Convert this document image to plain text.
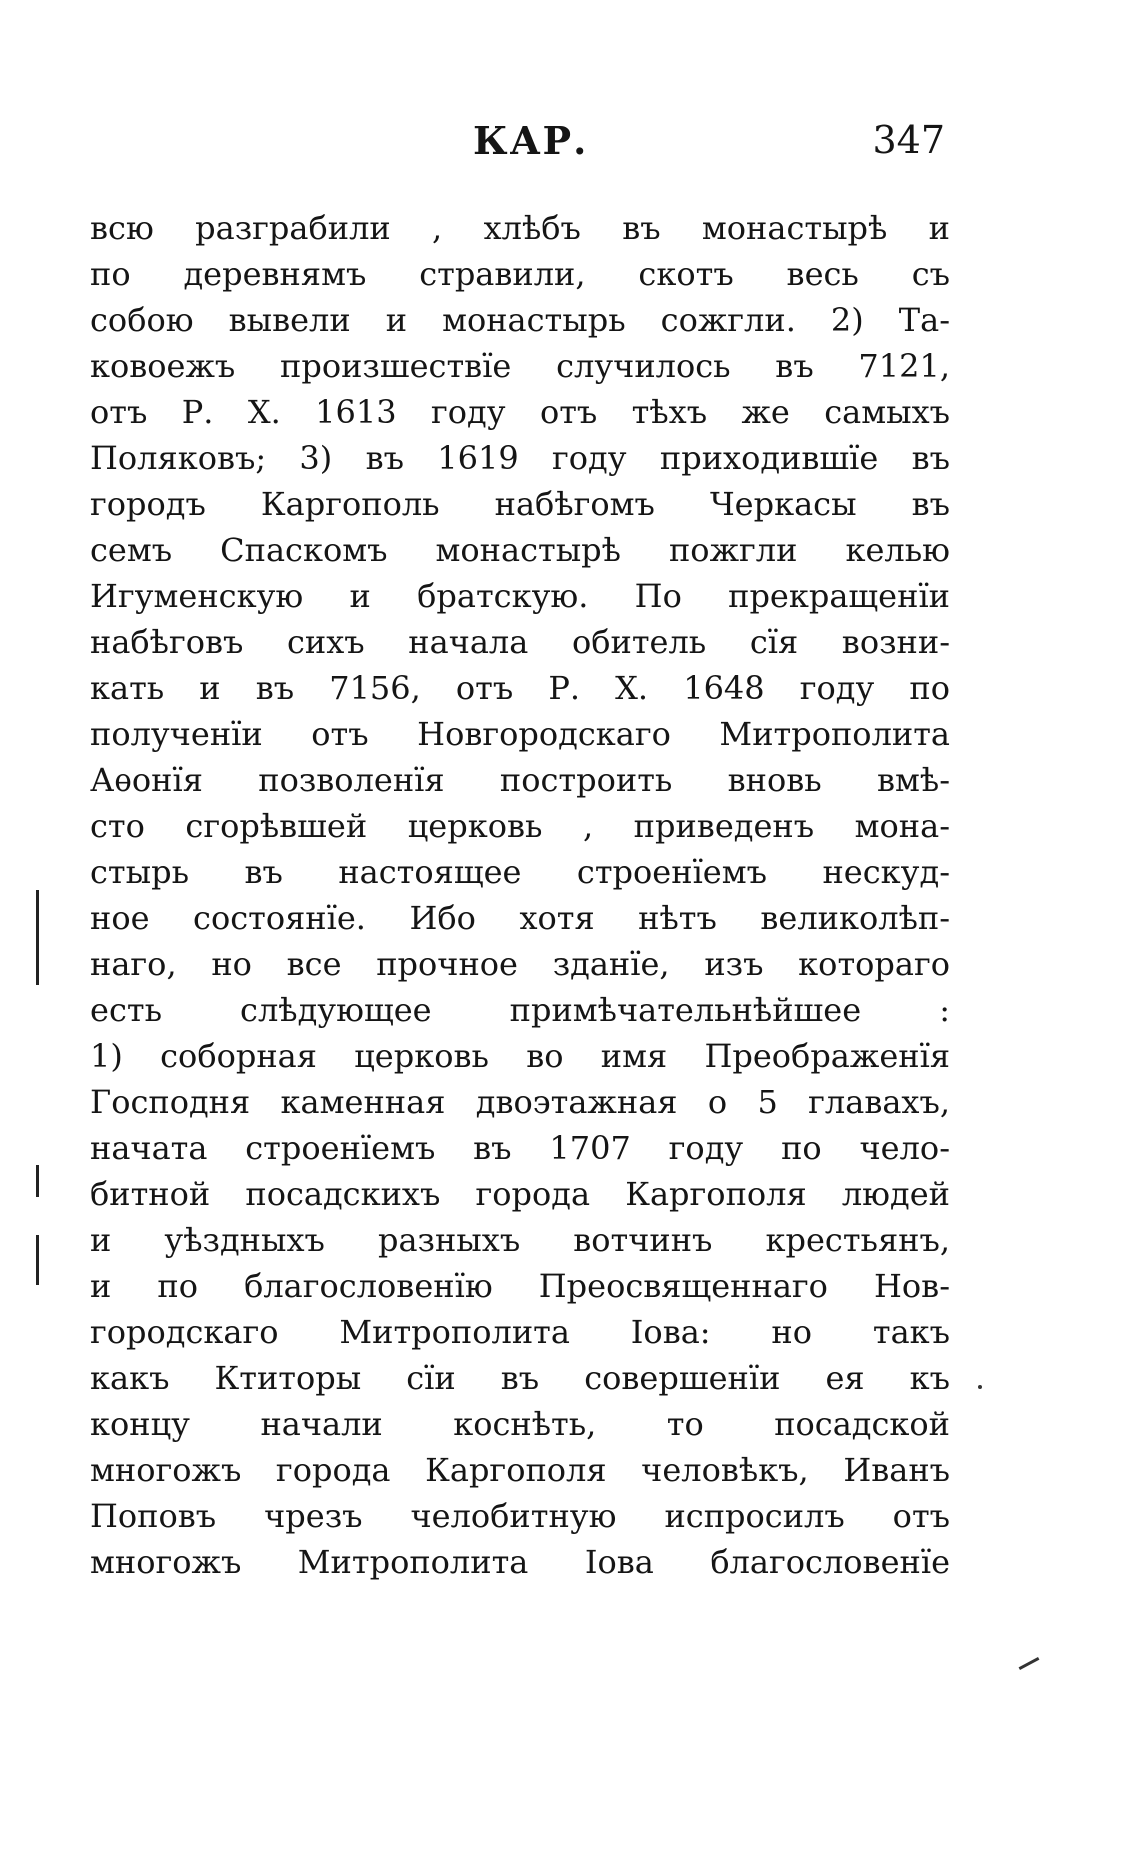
КАР.	347
всю разграбили , хлѣбъ въ монастырѣ и
по деревнямъ стравили, скотъ весь съ
собою вывели и монастырь сожгли. 2) Та-
ковоежъ произшествїе случилось въ 7121,
отъ Р. Х. 1613 году отъ тѣхъ же самыхъ
Поляковъ; 3) въ 1619 году приходившїе въ
городъ Каргополь набѣгомъ Черкасы въ
семъ Спаскомъ монастырѣ пожгли келью
Игуменскую и братскую. По прекращенїи
набѣговъ сихъ начала обитель сїя возни-
кать и въ 7156, отъ Р. Х. 1648 году по
полученїи отъ Новгородскаго Митрополита
Аѳонїя позволенїя построить вновь вмѣ-
сто сгорѣвшей церковь , приведенъ мона-
стырь въ настоящее строенїемъ нескуд-
ное состоянїе. Ибо хотя нѣтъ великолѣп-
наго, но все прочное зданїе, изъ котораго
есть слѣдующее примѣчательнѣйшее :
1) соборная церковь во имя Преображенїя
Господня каменная двоэтажная о 5 главахъ,
начата строенїемъ въ 1707 году по чело-
битной посадскихъ города Каргополя людей
и уѣздныхъ разныхъ вотчинъ крестьянъ,
и по благословенїю Преосвященнаго Нов-
городскаго Митрополита Іова: но такъ
какъ Ктиторы сїи въ совершенїи ея къ
концу начали коснѣть, то посадской
многожъ города Каргополя человѣкъ, Иванъ
Поповъ чрезъ челобитную испросилъ отъ
многожъ Митрополита Іова благословенїе
